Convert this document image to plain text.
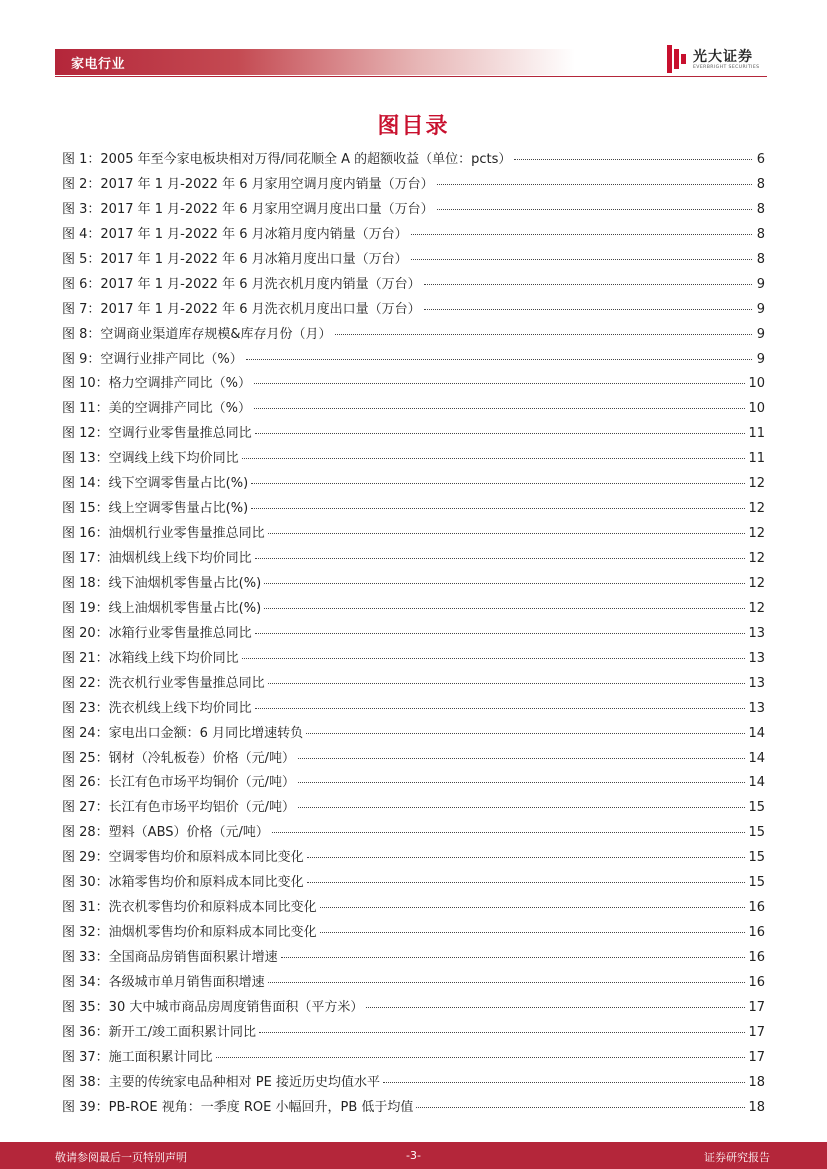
家电行业	光大证券
EVERBRIGHT SECURITIES
图目录
图 1：2005 年至今家电板块相对万得/同花顺全 A 的超额收益（单位：pcts）	6
图 2：2017 年 1 月-2022 年 6 月家用空调月度内销量（万台）	8
图 3：2017 年 1 月-2022 年 6 月家用空调月度出口量（万台）	8
图 4：2017 年 1 月-2022 年 6 月冰箱月度内销量（万台）	8
图 5：2017 年 1 月-2022 年 6 月冰箱月度出口量（万台）	8
图 6：2017 年 1 月-2022 年 6 月洗衣机月度内销量（万台）	9
图 7：2017 年 1 月-2022 年 6 月洗衣机月度出口量（万台）	9
图 8：空调商业渠道库存规模&库存月份（月）	9
图 9：空调行业排产同比（%）	9
图 10：格力空调排产同比（%）	10
图 11：美的空调排产同比（%）	10
图 12：空调行业零售量推总同比	11
图 13：空调线上线下均价同比	11
图 14：线下空调零售量占比(%)	12
图 15：线上空调零售量占比(%)	12
图 16：油烟机行业零售量推总同比	12
图 17：油烟机线上线下均价同比	12
图 18：线下油烟机零售量占比(%)	12
图 19：线上油烟机零售量占比(%)	12
图 20：冰箱行业零售量推总同比	13
图 21：冰箱线上线下均价同比	13
图 22：洗衣机行业零售量推总同比	13
图 23：洗衣机线上线下均价同比	13
图 24：家电出口金额：6 月同比增速转负	14
图 25：钢材（冷轧板卷）价格（元/吨）	14
图 26：长江有色市场平均铜价（元/吨）	14
图 27：长江有色市场平均铝价（元/吨）	15
图 28：塑料（ABS）价格（元/吨）	15
图 29：空调零售均价和原料成本同比变化	15
图 30：冰箱零售均价和原料成本同比变化	15
图 31：洗衣机零售均价和原料成本同比变化	16
图 32：油烟机零售均价和原料成本同比变化	16
图 33：全国商品房销售面积累计增速	16
图 34：各级城市单月销售面积增速	16
图 35：30 大中城市商品房周度销售面积（平方米）	17
图 36：新开工/竣工面积累计同比	17
图 37：施工面积累计同比	17
图 38：主要的传统家电品种相对 PE 接近历史均值水平	18
图 39：PB-ROE 视角：一季度 ROE 小幅回升，PB 低于均值	18
敬请参阅最后一页特别声明	-3-	证券研究报告
